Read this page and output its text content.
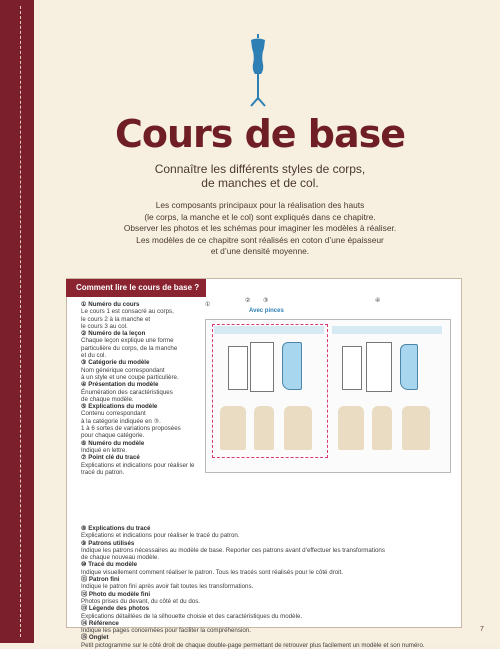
Cours de base
Connaître les différents styles de corps,
de manches et de col.
Les composants principaux pour la réalisation des hauts
(le corps, la manche et le col) sont expliqués dans ce chapitre.
Observer les photos et les schémas pour imaginer les modèles à réaliser.
Les modèles de ce chapitre sont réalisés en coton d’une épaisseur
et d’une densité moyenne.
Comment lire le cours de base ?
① Numéro du cours
Le cours 1 est consacré au corps,
le cours 2 à la manche et
le cours 3 au col.
② Numéro de la leçon
Chaque leçon explique une forme
particulière du corps, de la manche
et du col.
③ Catégorie du modèle
Nom générique correspondant
à un style et une coupe particulière.
④ Présentation du modèle
Énumération des caractéristiques
de chaque modèle.
⑤ Explications du modèle
Contenu correspondant
à la catégorie indiquée en ③.
1 à 6 sortes de variations proposées
pour chaque catégorie.
⑥ Numéro du modèle
Indiqué en lettre.
⑦ Point clé du tracé
Explications et indications pour réaliser le tracé du patron.
①
② ③	④
Avec pinces
⑧ Explications du tracé
Explications et indications pour réaliser le tracé du patron.
⑨ Patrons utilisés
Indique les patrons nécessaires au modèle de base. Reporter ces patrons avant d’effectuer les transformations
de chaque nouveau modèle.
⑩ Tracé du modèle
Indique visuellement comment réaliser le patron. Tous les tracés sont réalisés pour le côté droit.
⑪ Patron fini
Indique le patron fini après avoir fait toutes les transformations.
⑫ Photo du modèle fini
Photos prises du devant, du côté et du dos.
⑬ Légende des photos
Explications détaillées de la silhouette choisie et des caractéristiques du modèle.
⑭ Référence
Indique les pages concernées pour faciliter la compréhension.
⑮ Onglet
Petit pictogramme sur le côté droit de chaque double-page permettant de retrouver plus facilement un modèle et son numéro.
7
